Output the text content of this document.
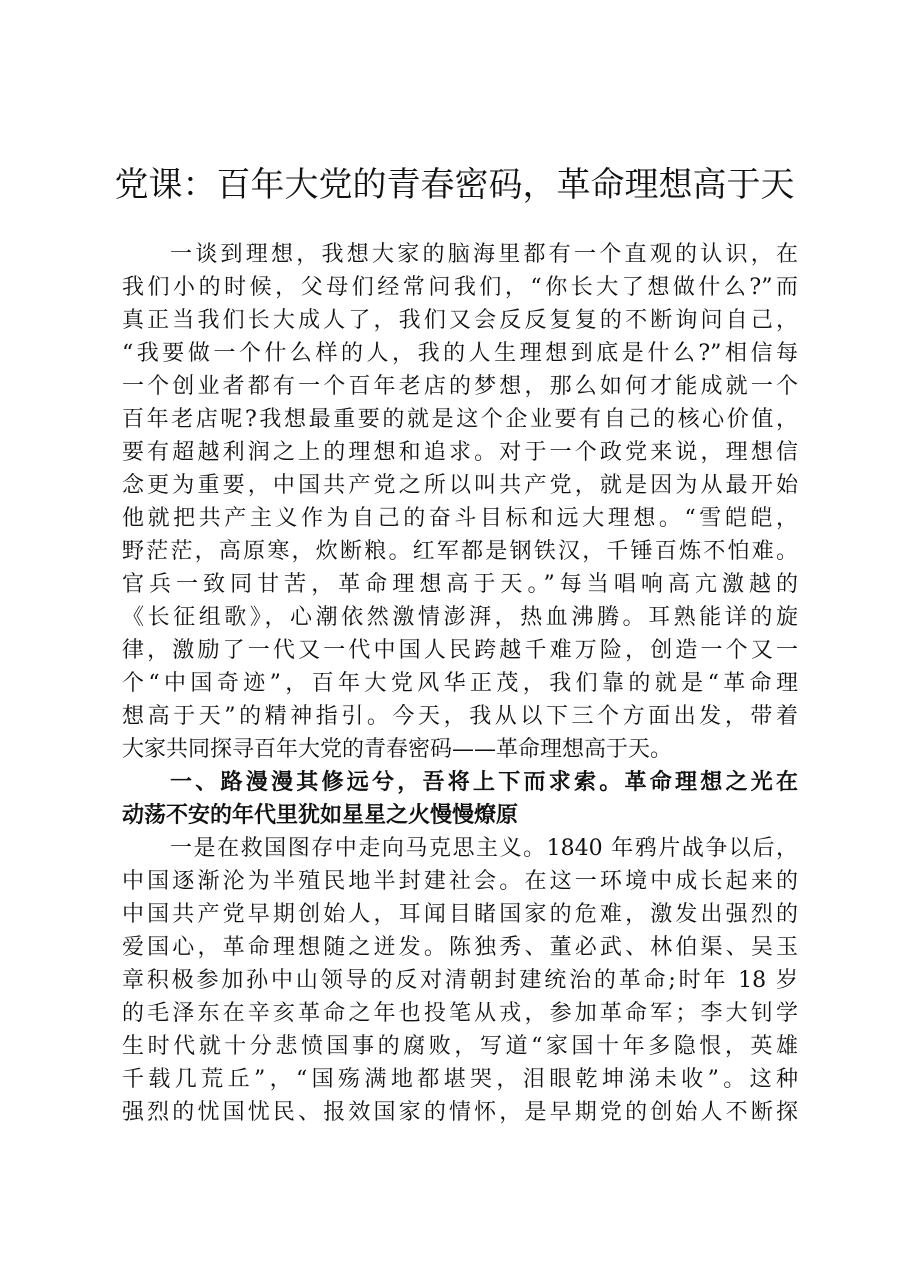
党课：百年大党的青春密码，革命理想高于天
一谈到理想，我想大家的脑海里都有一个直观的认识，在
我们小的时候，父母们经常问我们，“你长大了想做什么?”而
真正当我们长大成人了，我们又会反反复复的不断询问自己，
“我要做一个什么样的人，我的人生理想到底是什么?”相信每
一个创业者都有一个百年老店的梦想，那么如何才能成就一个
百年老店呢?我想最重要的就是这个企业要有自己的核心价值，
要有超越利润之上的理想和追求。对于一个政党来说，理想信
念更为重要，中国共产党之所以叫共产党，就是因为从最开始
他就把共产主义作为自己的奋斗目标和远大理想。“雪皑皑，
野茫茫，高原寒，炊断粮。红军都是钢铁汉，千锤百炼不怕难。
官兵一致同甘苦，革命理想高于天。”每当唱响高亢激越的
《长征组歌》，心潮依然激情澎湃，热血沸腾。耳熟能详的旋
律，激励了一代又一代中国人民跨越千难万险，创造一个又一
个“中国奇迹”，百年大党风华正茂，我们靠的就是“革命理
想高于天”的精神指引。今天，我从以下三个方面出发，带着
大家共同探寻百年大党的青春密码——革命理想高于天。
一、路漫漫其修远兮，吾将上下而求索。革命理想之光在
动荡不安的年代里犹如星星之火慢慢燎原
一是在救国图存中走向马克思主义。1840 年鸦片战争以后，
中国逐渐沦为半殖民地半封建社会。在这一环境中成长起来的
中国共产党早期创始人，耳闻目睹国家的危难，激发出强烈的
爱国心，革命理想随之迸发。陈独秀、董必武、林伯渠、吴玉
章积极参加孙中山领导的反对清朝封建统治的革命;时年 18 岁
的毛泽东在辛亥革命之年也投笔从戎，参加革命军；李大钊学
生时代就十分悲愤国事的腐败，写道“家国十年多隐恨，英雄
千载几荒丘”，“国殇满地都堪哭，泪眼乾坤涕未收”。这种
强烈的忧国忧民、报效国家的情怀，是早期党的创始人不断探
